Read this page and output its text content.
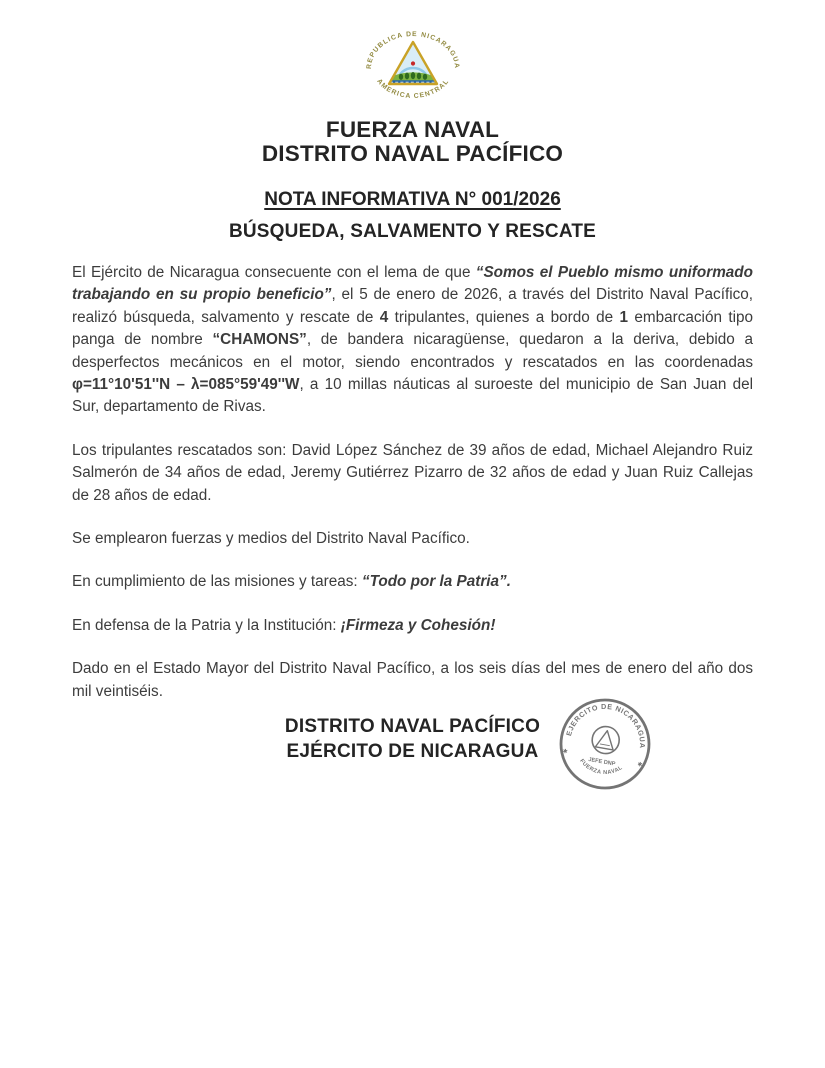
REPUBLICA DE NICARAGUA
AMERICA CENTRAL
FUERZA NAVAL
DISTRITO NAVAL PACÍFICO
NOTA INFORMATIVA N° 001/2026
BÚSQUEDA, SALVAMENTO Y RESCATE

El Ejército de Nicaragua consecuente con el lema de que “Somos el Pueblo mismo uniformado trabajando en su propio beneficio”, el 5 de enero de 2026, a través del Distrito Naval Pacífico, realizó búsqueda, salvamento y rescate de 4 tripulantes, quienes a bordo de 1 embarcación tipo panga de nombre “CHAMONS”, de bandera nicaragüense, quedaron a la deriva, debido a desperfectos mecánicos en el motor, siendo encontrados y rescatados en las coordenadas φ=11°10'51''N – λ=085°59'49''W, a 10 millas náuticas al suroeste del municipio de San Juan del Sur, departamento de Rivas.

Los tripulantes rescatados son: David López Sánchez de 39 años de edad, Michael Alejandro Ruiz Salmerón de 34 años de edad, Jeremy Gutiérrez Pizarro de 32 años de edad y Juan Ruiz Callejas de 28 años de edad.

Se emplearon fuerzas y medios del Distrito Naval Pacífico.

En cumplimiento de las misiones y tareas: “Todo por la Patria”.

En defensa de la Patria y la Institución: ¡Firmeza y Cohesión!

Dado en el Estado Mayor del Distrito Naval Pacífico, a los seis días del mes de enero del año dos mil veintiséis.

DISTRITO NAVAL PACÍFICO
EJÉRCITO DE NICARAGUA
EJERCITO DE NICARAGUA
✱
✱
JEFE DNP
FUERZA NAVAL
